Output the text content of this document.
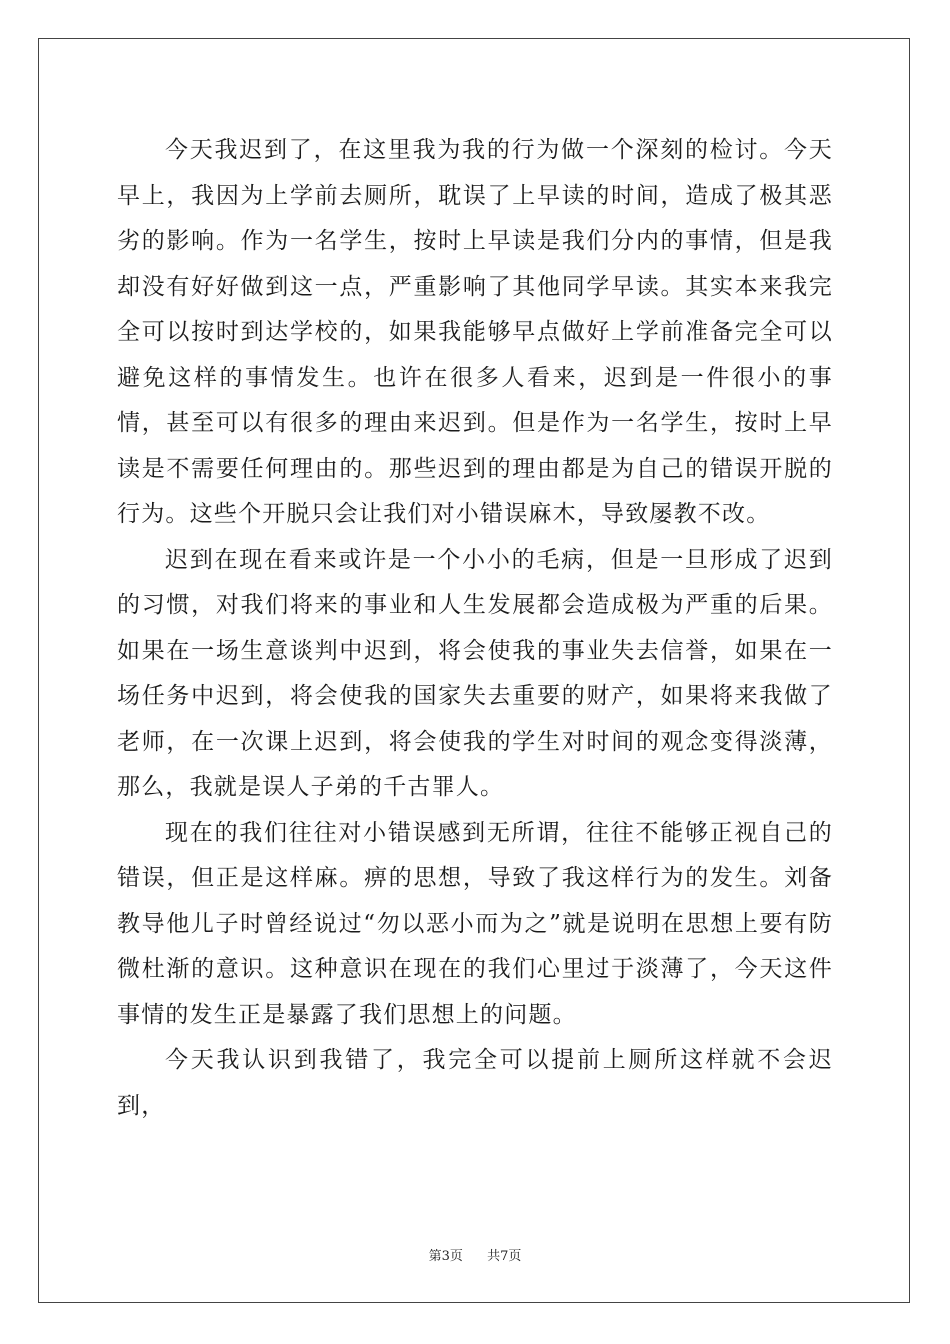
今天我迟到了，在这里我为我的行为做一个深刻的检讨。今天早上，我因为上学前去厕所，耽误了上早读的时间，造成了极其恶劣的影响。作为一名学生，按时上早读是我们分内的事情，但是我却没有好好做到这一点，严重影响了其他同学早读。其实本来我完全可以按时到达学校的，如果我能够早点做好上学前准备完全可以避免这样的事情发生。也许在很多人看来，迟到是一件很小的事情，甚至可以有很多的理由来迟到。但是作为一名学生，按时上早读是不需要任何理由的。那些迟到的理由都是为自己的错误开脱的行为。这些个开脱只会让我们对小错误麻木，导致屡教不改。

迟到在现在看来或许是一个小小的毛病，但是一旦形成了迟到的习惯，对我们将来的事业和人生发展都会造成极为严重的后果。如果在一场生意谈判中迟到，将会使我的事业失去信誉，如果在一场任务中迟到，将会使我的国家失去重要的财产，如果将来我做了老师，在一次课上迟到，将会使我的学生对时间的观念变得淡薄，那么，我就是误人子弟的千古罪人。

现在的我们往往对小错误感到无所谓，往往不能够正视自己的错误，但正是这样麻。痹的思想，导致了我这样行为的发生。刘备教导他儿子时曾经说过“勿以恶小而为之”就是说明在思想上要有防微杜渐的意识。这种意识在现在的我们心里过于淡薄了，今天这件事情的发生正是暴露了我们思想上的问题。

今天我认识到我错了，我完全可以提前上厕所这样就不会迟到，

第3页 共7页
